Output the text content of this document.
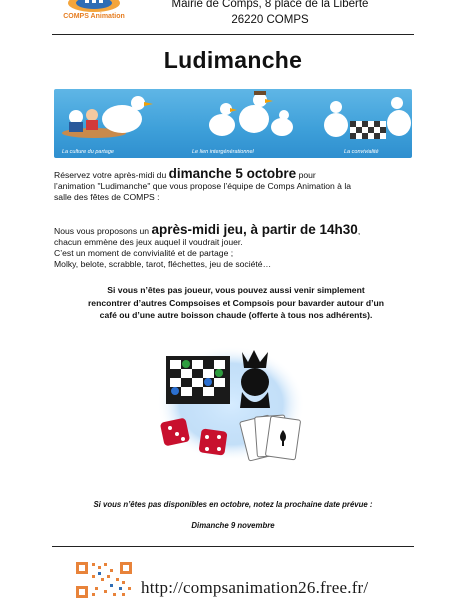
COMPS Animation
Mairie de Comps, 8 place de la Liberté
26220 COMPS
Ludimanche
La culture du partage	Le lien intergénérationnel	La convivialité
Réservez votre après-midi du dimanche 5 octobre pour
l’animation "Ludimanche" que vous propose l’équipe de Comps Animation à la
salle des fêtes de COMPS :
Nous vous proposons un après-midi jeu, à partir de 14h30,
chacun emmène des jeux auquel il voudrait jouer.
C’est un moment de convivialité et de partage ;
Molky, belote, scrabble, tarot, fléchettes, jeu de société…
Si vous n’êtes pas joueur, vous pouvez aussi venir simplement
rencontrer d’autres Compsoises et Compsois pour bavarder autour d’un
café ou d’une autre boisson chaude (offerte à tous nos adhérents).
Si vous n’êtes pas disponibles en octobre, notez la prochaine date prévue :
Dimanche 9 novembre
http://compsanimation26.free.fr/
